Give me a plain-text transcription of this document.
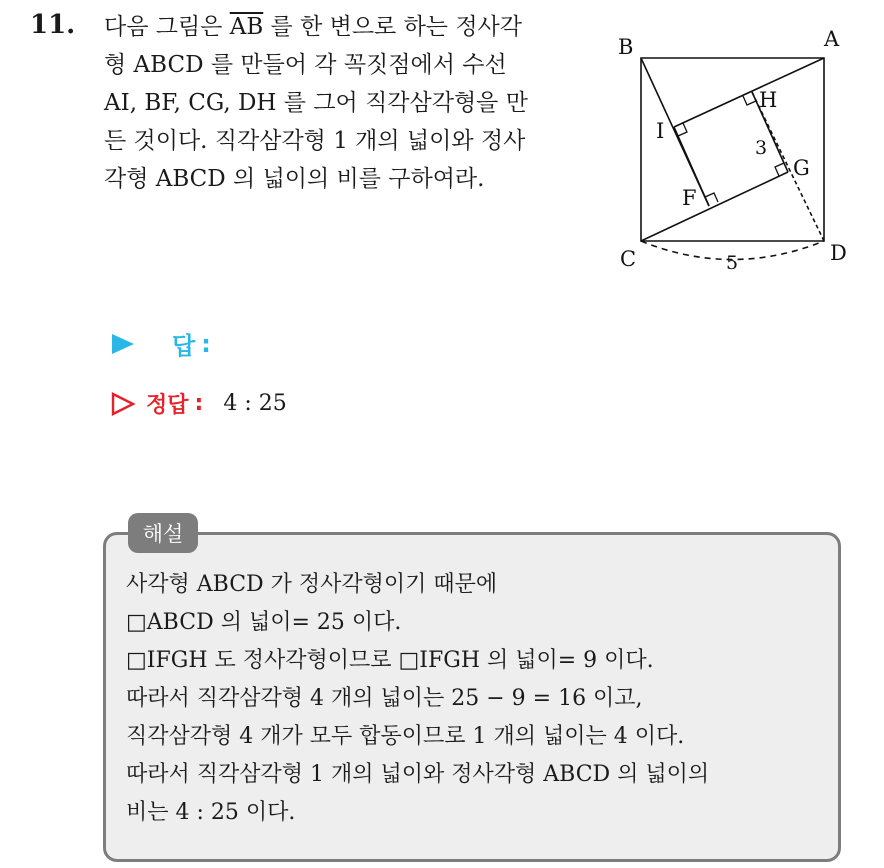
11. 다음 그림은 $\overline{AB}$ 를 한 변으로 하는 정사각
형 ABCD 를 만들어 각 꼭짓점에서 수선
AI, BF, CG, DH 를 그어 직각삼각형을 만
든 것이다. 직각삼각형 1 개의 넓이와 정사
각형 ABCD 의 넓이의 비를 구하여라.
B	A
C	D
H
I
G
F
3
5
답 :
정답 : 4 : 25
해설
사각형 ABCD 가 정사각형이기 때문에
□ABCD 의 넓이= 25 이다.
□IFGH 도 정사각형이므로 □IFGH 의 넓이= 9 이다.
따라서 직각삼각형 4 개의 넓이는 25 − 9 = 16 이고,
직각삼각형 4 개가 모두 합동이므로 1 개의 넓이는 4 이다.
따라서 직각삼각형 1 개의 넓이와 정사각형 ABCD 의 넓이의
비는 4 : 25 이다.
